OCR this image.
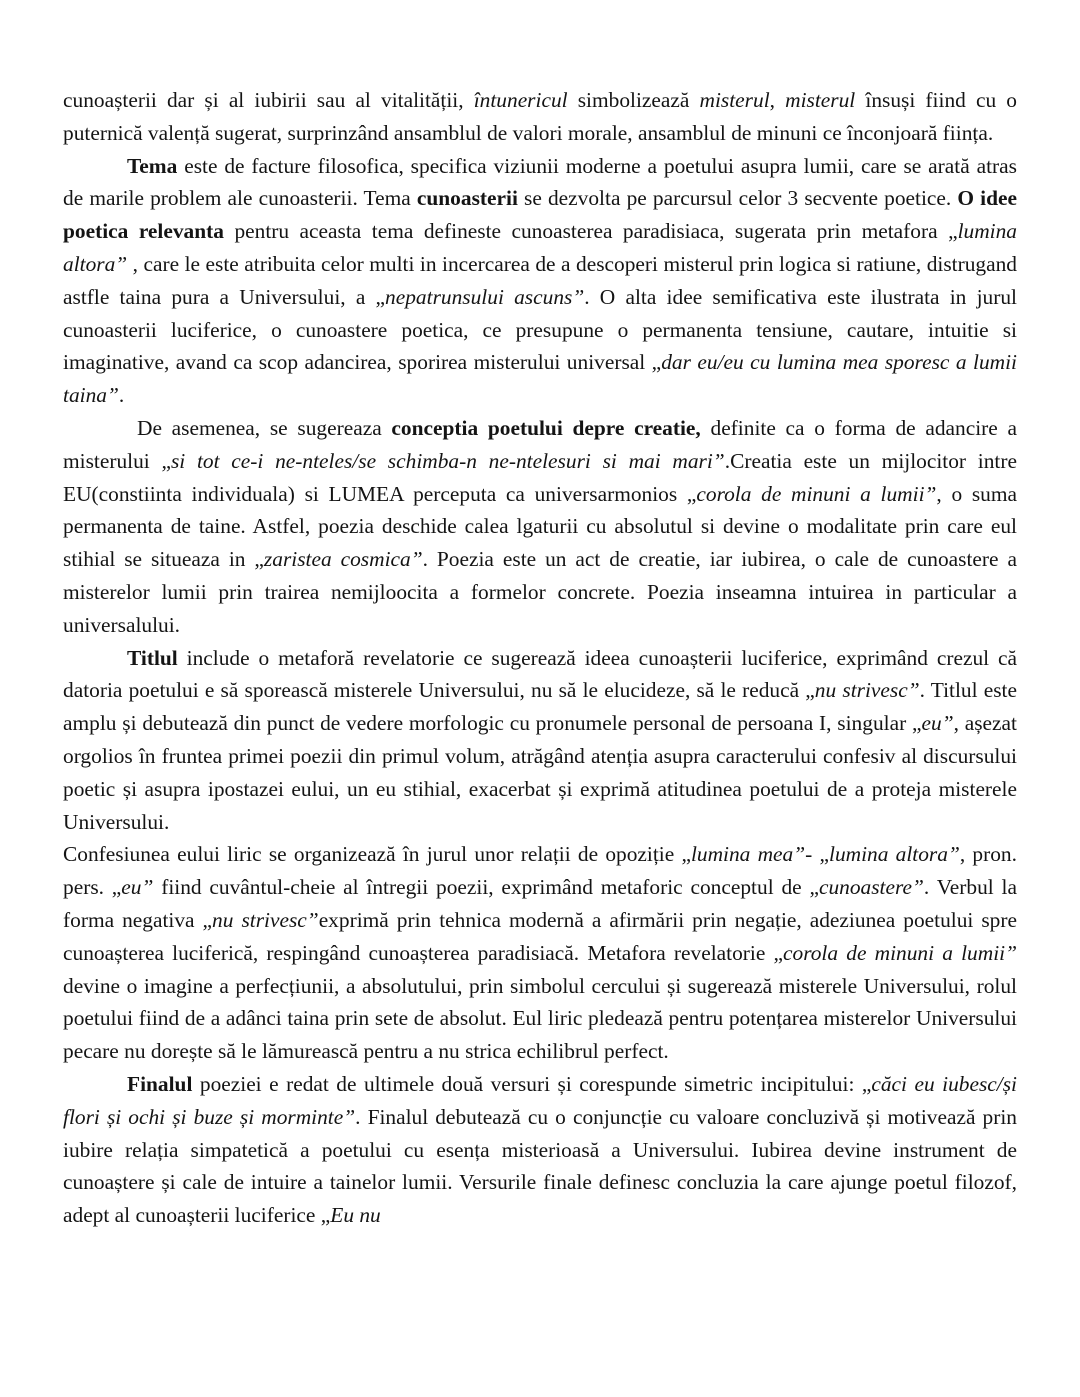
cunoașterii dar și al iubirii sau al vitalității, întunericul simbolizează misterul, misterul însuși fiind cu o puternică valență sugerat, surprinzând ansamblul de valori morale, ansamblul de minuni ce înconjoară ființa.

Tema este de facture filosofica, specifica viziunii moderne a poetului asupra lumii, care se arată atras de marile problem ale cunoasterii. Tema cunoasterii se dezvolta pe parcursul celor 3 secvente poetice. O idee poetica relevanta pentru aceasta tema defineste cunoasterea paradisiaca, sugerata prin metafora „lumina altora” , care le este atribuita celor multi in incercarea de a descoperi misterul prin logica si ratiune, distrugand astfle taina pura a Universului, a „nepatrunsului ascuns”. O alta idee semificativa este ilustrata in jurul cunoasterii luciferice, o cunoastere poetica, ce presupune o permanenta tensiune, cautare, intuitie si imaginative, avand ca scop adancirea, sporirea misterului universal „dar eu/eu cu lumina mea sporesc a lumii taina”.

De asemenea, se sugereaza conceptia poetului depre creatie, definite ca o forma de adancire a misterului „si tot ce-i ne-nteles/se schimba-n ne-ntelesuri si mai mari”.Creatia este un mijlocitor intre EU(constiinta individuala) si LUMEA perceputa ca universarmonios „corola de minuni a lumii”, o suma permanenta de taine. Astfel, poezia deschide calea lgaturii cu absolutul si devine o modalitate prin care eul stihial se situeaza in „zaristea cosmica”. Poezia este un act de creatie, iar iubirea, o cale de cunoastere a misterelor lumii prin trairea nemijloocita a formelor concrete. Poezia inseamna intuirea in particular a universalului.

Titlul include o metaforă revelatorie ce sugerează ideea cunoașterii luciferice, exprimând crezul că datoria poetului e să sporească misterele Universului, nu să le elucideze, să le reducă „nu strivesc”. Titlul este amplu și debutează din punct de vedere morfologic cu pronumele personal de persoana I, singular „eu”, așezat orgolios în fruntea primei poezii din primul volum, atrăgând atenția asupra caracterului confesiv al discursului poetic și asupra ipostazei eului, un eu stihial, exacerbat și exprimă atitudinea poetului de a proteja misterele Universului.

Confesiunea eului liric se organizează în jurul unor relații de opoziție „lumina mea”- „lumina altora”, pron. pers. „eu” fiind cuvântul-cheie al întregii poezii, exprimând metaforic conceptul de „cunoastere”. Verbul la forma negativa „nu strivesc”exprimă prin tehnica modernă a afirmării prin negație, adeziunea poetului spre cunoașterea luciferică, respingând cunoașterea paradisiacă. Metafora revelatorie „corola de minuni a lumii” devine o imagine a perfecțiunii, a absolutului, prin simbolul cercului și sugerează misterele Universului, rolul poetului fiind de a adânci taina prin sete de absolut. Eul liric pledează pentru potențarea misterelor Universului pecare nu dorește să le lămurească pentru a nu strica echilibrul perfect.

Finalul poeziei e redat de ultimele două versuri și corespunde simetric incipitului: „căci eu iubesc/și flori și ochi și buze și morminte”. Finalul debutează cu o conjuncție cu valoare concluzivă și motivează prin iubire relația simpatetică a poetului cu esența misterioasă a Universului. Iubirea devine instrument de cunoaștere și cale de intuire a tainelor lumii. Versurile finale definesc concluzia la care ajunge poetul filozof, adept al cunoașterii luciferice „Eu nu
